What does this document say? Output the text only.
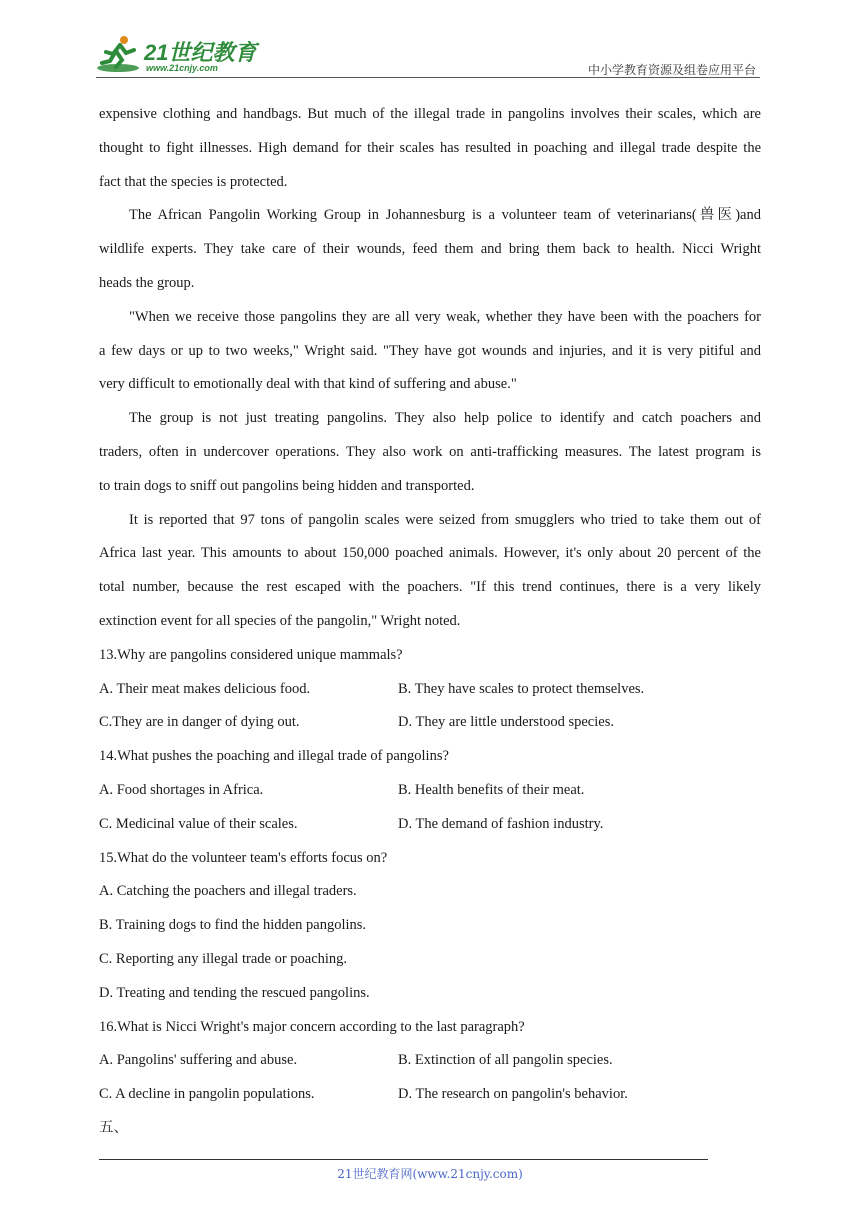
21世纪教育
www.21cnjy.com	中小学教育资源及组卷应用平台
expensive clothing and handbags. But much of the illegal trade in pangolins involves their scales, which are
thought to fight illnesses. High demand for their scales has resulted in poaching and illegal trade despite the
fact that the species is protected.
The African Pangolin Working Group in Johannesburg is a volunteer team of veterinarians(兽医)and
wildlife experts. They take care of their wounds, feed them and bring them back to health. Nicci Wright
heads the group.
"When we receive those pangolins they are all very weak, whether they have been with the poachers for
a few days or up to two weeks," Wright said. "They have got wounds and injuries, and it is very pitiful and
very difficult to emotionally deal with that kind of suffering and abuse."
The group is not just treating pangolins. They also help police to identify and catch poachers and
traders, often in undercover operations. They also work on anti-trafficking measures. The latest program is
to train dogs to sniff out pangolins being hidden and transported.
It is reported that 97 tons of pangolin scales were seized from smugglers who tried to take them out of
Africa last year. This amounts to about 150,000 poached animals. However, it's only about 20 percent of the
total number, because the rest escaped with the poachers. "If this trend continues, there is a very likely
extinction event for all species of the pangolin," Wright noted.
13.Why are pangolins considered unique mammals?
A. Their meat makes delicious food.	B. They have scales to protect themselves.
C.They are in danger of dying out.	D. They are little understood species.
14.What pushes the poaching and illegal trade of pangolins?
A. Food shortages in Africa.	B. Health benefits of their meat.
C. Medicinal value of their scales.	D. The demand of fashion industry.
15.What do the volunteer team's efforts focus on?
A. Catching the poachers and illegal traders.
B. Training dogs to find the hidden pangolins.
C. Reporting any illegal trade or poaching.
D. Treating and tending the rescued pangolins.
16.What is Nicci Wright's major concern according to the last paragraph?
A. Pangolins' suffering and abuse.	B. Extinction of all pangolin species.
C. A decline in pangolin populations.	D. The research on pangolin's behavior.
五、
21世纪教育网(www.21cnjy.com)
